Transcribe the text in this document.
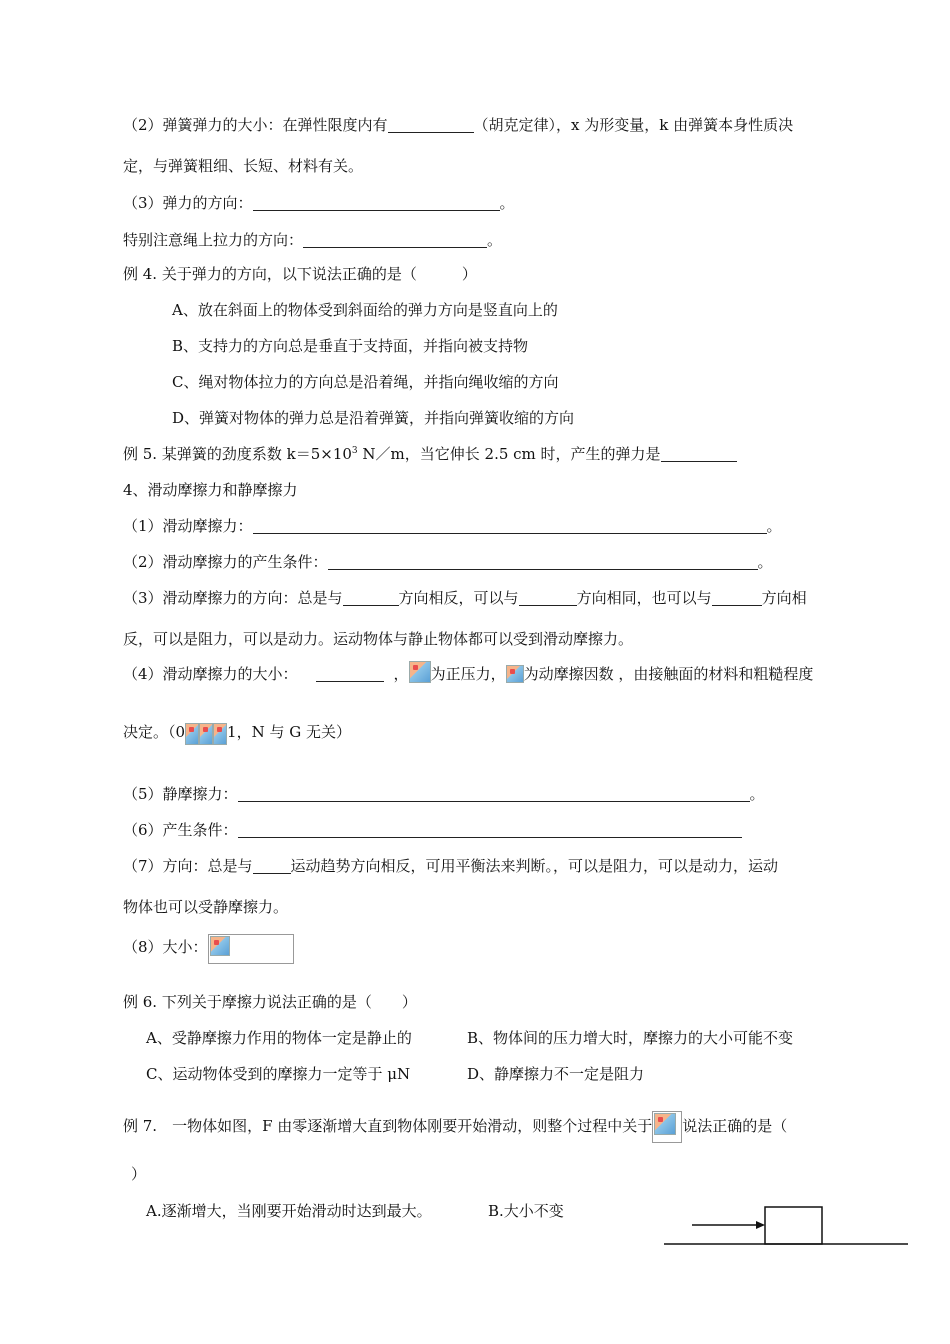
（2）弹簧弹力的大小：在弹性限度内有	（胡克定律），x 为形变量，k 由弹簧本身性质决
定，与弹簧粗细、长短、材料有关。
（3）弹力的方向：	。
特别注意绳上拉力的方向：	。
例 4. 关于弹力的方向，以下说法正确的是（　　　）
A、放在斜面上的物体受到斜面给的弹力方向是竖直向上的
B、支持力的方向总是垂直于支持面，并指向被支持物
C、绳对物体拉力的方向总是沿着绳，并指向绳收缩的方向
D、弹簧对物体的弹力总是沿着弹簧，并指向弹簧收缩的方向
例 5. 某弹簧的劲度系数 $k=5\times 10^3$ N／m，当它伸长 2.5 cm 时，产生的弹力是
4、滑动摩擦力和静摩擦力
（1）滑动摩擦力：	。
（2）滑动摩擦力的产生条件：	。
（3）滑动摩擦力的方向：总是与	方向相反，可以与	方向相同，也可以与	方向相
反，可以是阻力，可以是动力。运动物体与静止物体都可以受到滑动摩擦力。
（4）滑动摩擦力的大小：	， 为正压力， 为动摩擦因数 ，由接触面的材料和粗糙程度
决定。（0	1，N 与 G 无关）
（5）静摩擦力：	。
（6）产生条件：
（7）方向：总是与	运动趋势方向相反，可用平衡法来判断。，可以是阻力，可以是动力，运动
物体也可以受静摩擦力。
（8）大小：
例 6. 下列关于摩擦力说法正确的是（　　）
A、受静摩擦力作用的物体一定是静止的	B、物体间的压力增大时，摩擦力的大小可能不变
C、运动物体受到的摩擦力一定等于 μN	D、静摩擦力不一定是阻力
例 7.　一物体如图，F 由零逐渐增大直到物体刚要开始滑动，则整个过程中关于 说法正确的是（
）
A.逐渐增大，当刚要开始滑动时达到最大。	B.大小不变
